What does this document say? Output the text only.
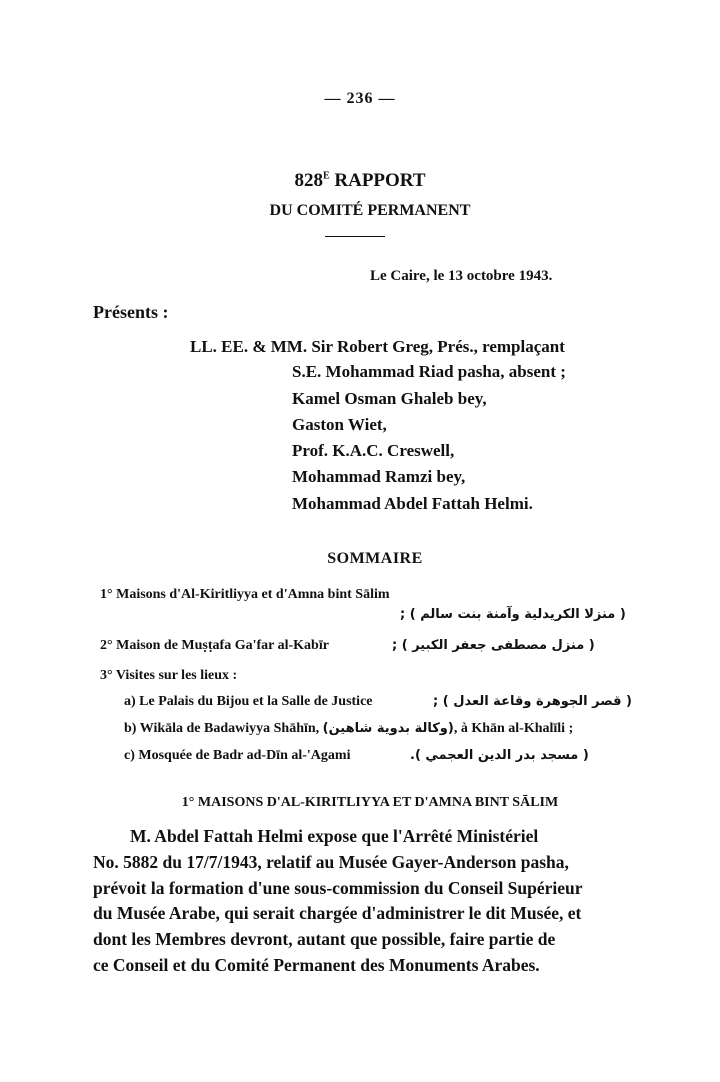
— 236 —
$828^E$ RAPPORT
DU COMITÉ PERMANENT
Le Caire, le 13 octobre 1943.
Présents :
LL. EE. & MM. Sir Robert Greg, Prés., remplaçant
S.E. Mohammad Riad pasha, absent ;
Kamel Osman Ghaleb bey,
Gaston Wiet,
Prof. K.A.C. Creswell,
Mohammad Ramzi bey,
Mohammad Abdel Fattah Helmi.
SOMMAIRE
1° Maisons d'Al-Kiritliyya et d'Amna bint Sālim
( منزلا الكريدلية وآمنة بنت سالم ) ;
2° Maison de Muṣṭafa Ga'far al-Kabīr	( منزل مصطفى جعفر الكبير ) ;
3° Visites sur les lieux :
a) Le Palais du Bijou et la Salle de Justice	( قصر الجوهرة وقاعة العدل ) ;
b) Wikāla de Badawiyya Shāhīn, (وكالة بدوية شاهين), à Khān al-Khalīli ;
c) Mosquée de Badr ad-Dīn al-'Agami	( مسجد بدر الدين العجمي ).
1° MAISONS D'AL-KIRITLIYYA ET D'AMNA BINT SĀLIM
M. Abdel Fattah Helmi expose que l'Arrêté Ministériel
No. 5882 du 17/7/1943, relatif au Musée Gayer-Anderson pasha,
prévoit la formation d'une sous-commission du Conseil Supérieur
du Musée Arabe, qui serait chargée d'administrer le dit Musée, et
dont les Membres devront, autant que possible, faire partie de
ce Conseil et du Comité Permanent des Monuments Arabes.
